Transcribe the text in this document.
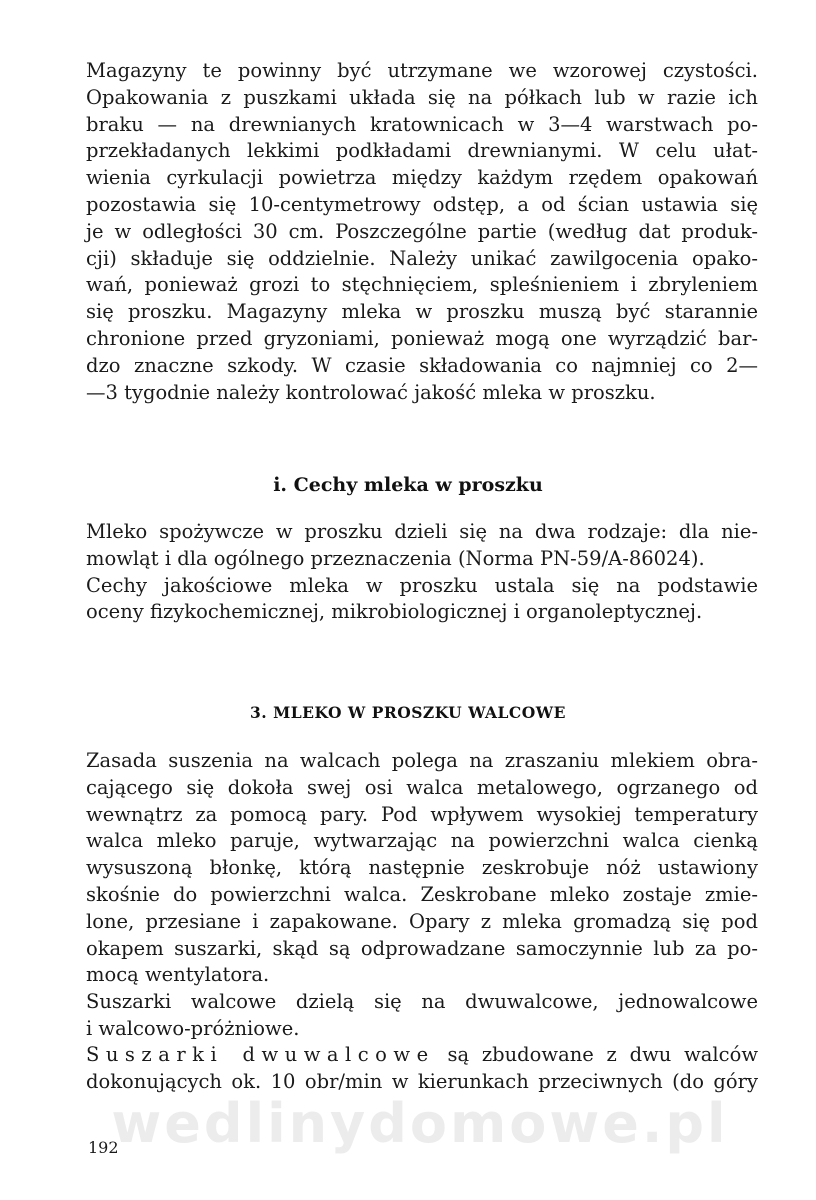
Magazyny te powinny być utrzymane we wzorowej czystości.
Opakowania z puszkami układa się na półkach lub w razie ich
braku — na drewnianych kratownicach w 3—4 warstwach po-
przekładanych lekkimi podkładami drewnianymi. W celu ułat-
wienia cyrkulacji powietrza między każdym rzędem opakowań
pozostawia się 10-centymetrowy odstęp, a od ścian ustawia się
je w odległości 30 cm. Poszczególne partie (według dat produk-
cji) składuje się oddzielnie. Należy unikać zawilgocenia opako-
wań, ponieważ grozi to stęchnięciem, spleśnieniem i zbryleniem
się proszku. Magazyny mleka w proszku muszą być starannie
chronione przed gryzoniami, ponieważ mogą one wyrządzić bar-
dzo znaczne szkody. W czasie składowania co najmniej co 2—
—3 tygodnie należy kontrolować jakość mleka w proszku.

i. Cechy mleka w proszku

Mleko spożywcze w proszku dzieli się na dwa rodzaje: dla nie-
mowląt i dla ogólnego przeznaczenia (Norma PN-59/A-86024).
Cechy jakościowe mleka w proszku ustala się na podstawie
oceny fizykochemicznej, mikrobiologicznej i organoleptycznej.

3. MLEKO W PROSZKU WALCOWE

Zasada suszenia na walcach polega na zraszaniu mlekiem obra-
cającego się dokoła swej osi walca metalowego, ogrzanego od
wewnątrz za pomocą pary. Pod wpływem wysokiej temperatury
walca mleko paruje, wytwarzając na powierzchni walca cienką
wysuszoną błonkę, którą następnie zeskrobuje nóż ustawiony
skośnie do powierzchni walca. Zeskrobane mleko zostaje zmie-
lone, przesiane i zapakowane. Opary z mleka gromadzą się pod
okapem suszarki, skąd są odprowadzane samoczynnie lub za po-
mocą wentylatora.
Suszarki walcowe dzielą się na dwuwalcowe, jednowalcowe
i walcowo-próżniowe.
Suszarki dwuwalcowe są zbudowane z dwu walców
dokonujących ok. 10 obr/min w kierunkach przeciwnych (do góry

wedlinydomowe.pl

192
